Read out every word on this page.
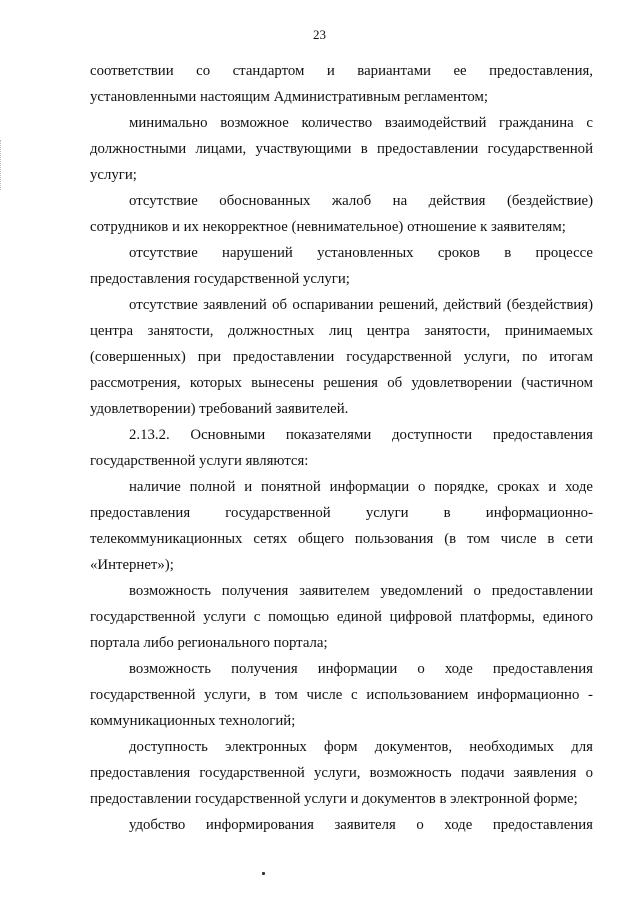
23
соответствии со стандартом и вариантами ее предоставления,
установленными настоящим Административным регламентом;
минимально возможное количество взаимодействий гражданина с
должностными лицами, участвующими в предоставлении государственной
услуги;
отсутствие обоснованных жалоб на действия (бездействие)
сотрудников и их некорректное (невнимательное) отношение к заявителям;
отсутствие нарушений установленных сроков в процессе
предоставления государственной услуги;
отсутствие заявлений об оспаривании решений, действий (бездействия)
центра занятости, должностных лиц центра занятости, принимаемых
(совершенных) при предоставлении государственной услуги, по итогам
рассмотрения, которых вынесены решения об удовлетворении (частичном
удовлетворении) требований заявителей.
2.13.2. Основными показателями доступности предоставления
государственной услуги являются:
наличие полной и понятной информации о порядке, сроках и ходе
предоставления государственной услуги в информационно-
телекоммуникационных сетях общего пользования (в том числе в сети
«Интернет»);
возможность получения заявителем уведомлений о предоставлении
государственной услуги с помощью единой цифровой платформы, единого
портала либо регионального портала;
возможность получения информации о ходе предоставления
государственной услуги, в том числе с использованием информационно -
коммуникационных технологий;
доступность электронных форм документов, необходимых для
предоставления государственной услуги, возможность подачи заявления о
предоставлении государственной услуги и документов в электронной форме;
удобство информирования заявителя о ходе предоставления
